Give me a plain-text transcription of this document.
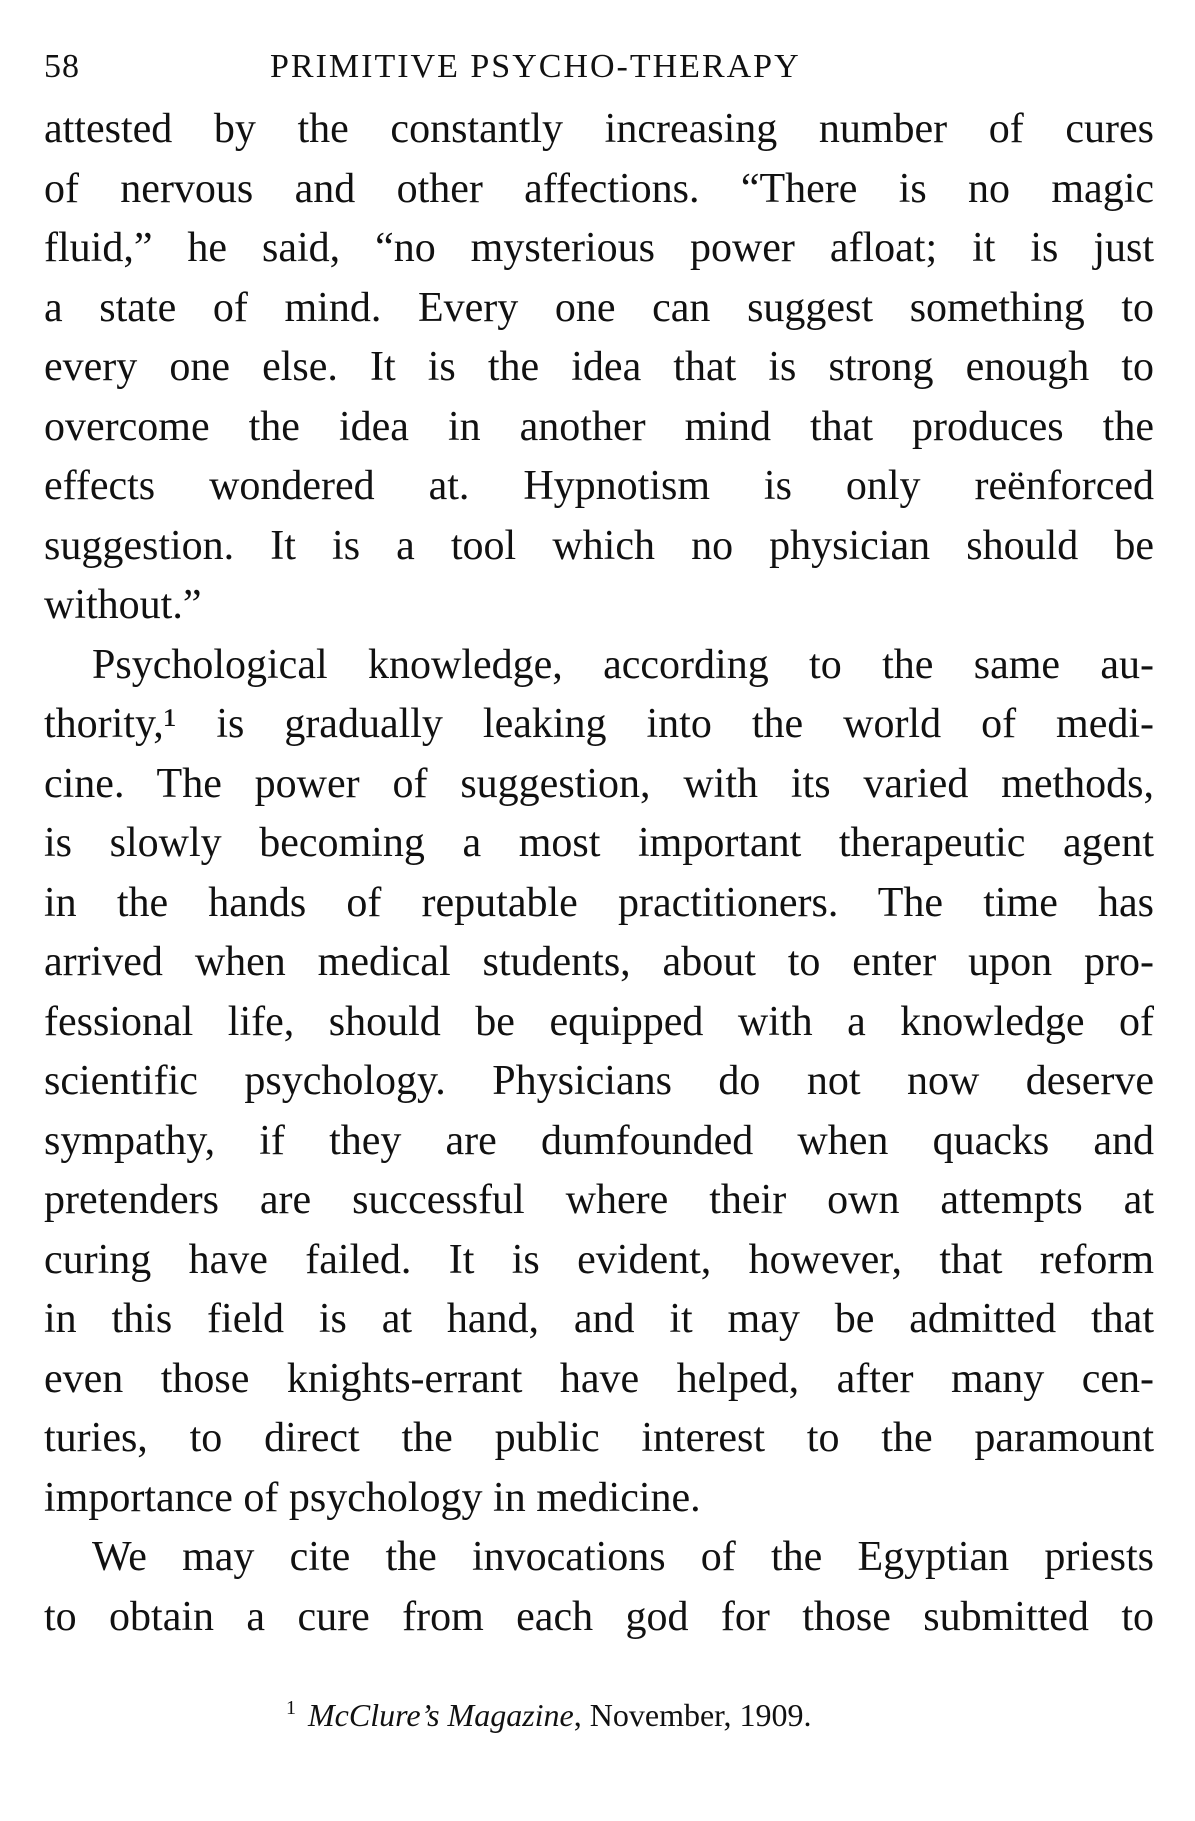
58	PRIMITIVE PSYCHO-THERAPY
attested by the constantly increasing number of cures
of nervous and other affections. “There is no magic
fluid,” he said, “no mysterious power afloat; it is just
a state of mind. Every one can suggest something to
every one else. It is the idea that is strong enough to
overcome the idea in another mind that produces the
effects wondered at. Hypnotism is only reënforced
suggestion. It is a tool which no physician should be
without.”
Psychological knowledge, according to the same au-
thority,¹ is gradually leaking into the world of medi-
cine. The power of suggestion, with its varied methods,
is slowly becoming a most important therapeutic agent
in the hands of reputable practitioners. The time has
arrived when medical students, about to enter upon pro-
fessional life, should be equipped with a knowledge of
scientific psychology. Physicians do not now deserve
sympathy, if they are dumfounded when quacks and
pretenders are successful where their own attempts at
curing have failed. It is evident, however, that reform
in this field is at hand, and it may be admitted that
even those knights-errant have helped, after many cen-
turies, to direct the public interest to the paramount
importance of psychology in medicine.
We may cite the invocations of the Egyptian priests
to obtain a cure from each god for those submitted to
$^1$ McClure’s Magazine, November, 1909.
